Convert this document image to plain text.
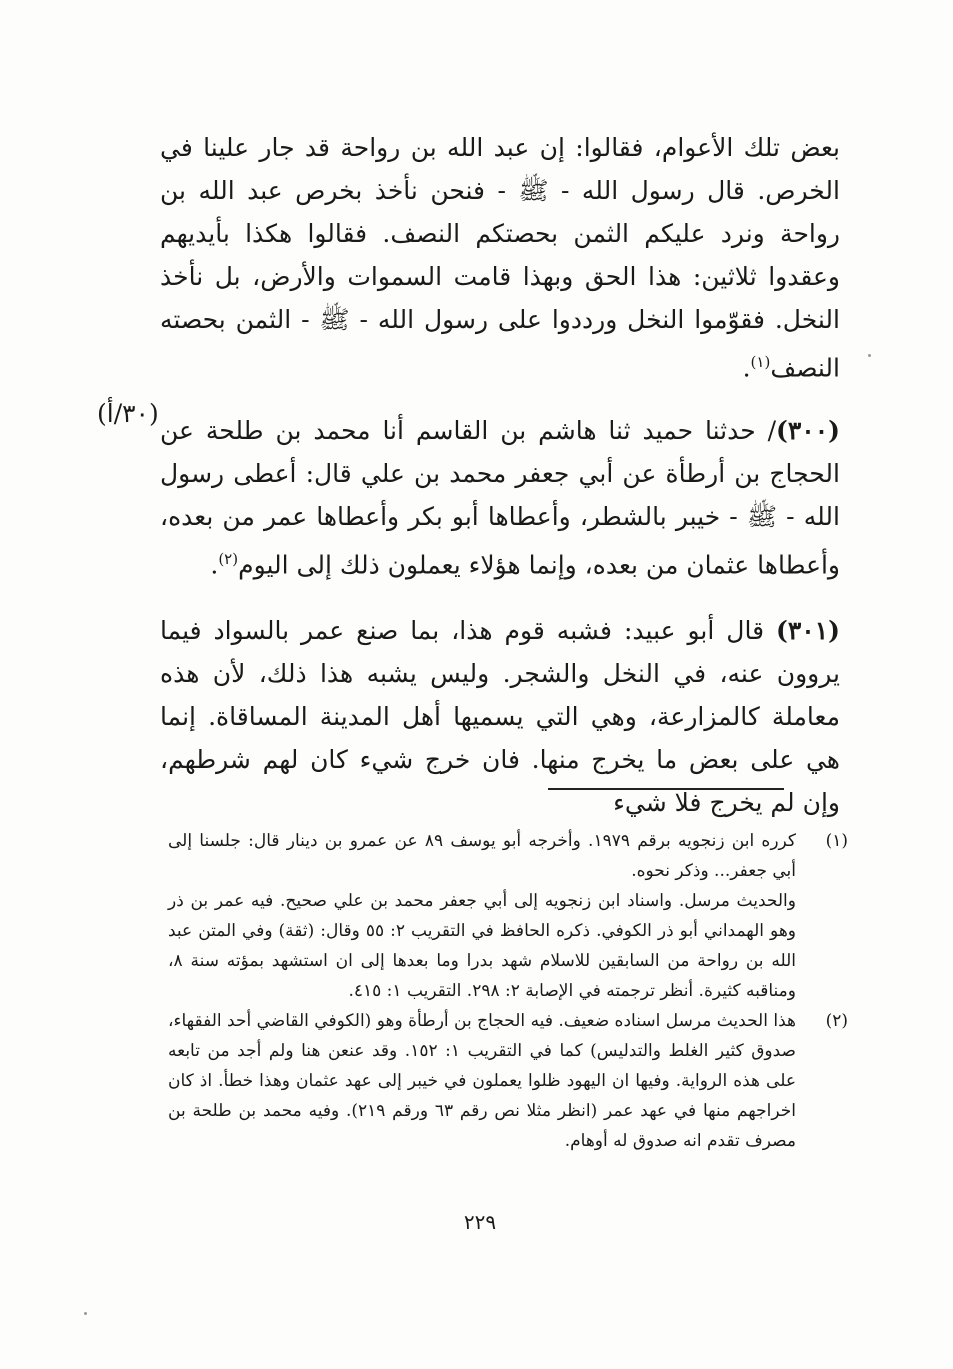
بعض تلك الأعوام، فقالوا: إن عبد الله بن رواحة قد جار علينا في الخرص. قال رسول الله - ﷺ - فنحن نأخذ بخرص عبد الله بن رواحة ونرد عليكم الثمن بحصتكم النصف. فقالوا هكذا بأيديهم وعقدوا ثلاثين: هذا الحق وبهذا قامت السموات والأرض، بل نأخذ النخل. فقوّموا النخل ورددوا على رسول الله - ﷺ - الثمن بحصته النصف$^{(١)}$.

(٣٠٠)/ حدثنا حميد ثنا هاشم بن القاسم أنا محمد بن طلحة عن الحجاج بن أرطأة عن أبي جعفر محمد بن علي قال: أعطى رسول الله - ﷺ - خيبر بالشطر، وأعطاها أبو بكر وأعطاها عمر من بعده، وأعطاها عثمان من بعده، وإنما هؤلاء يعملون ذلك إلى اليوم$^{(٢)}$.

(٣٠١) قال أبو عبيد: فشبه قوم هذا، بما صنع عمر بالسواد فيما يروون عنه، في النخل والشجر. وليس يشبه هذا ذلك، لأن هذه معاملة كالمزارعة، وهي التي يسميها أهل المدينة المساقاة. إنما هي على بعض ما يخرج منها. فان خرج شيء كان لهم شرطهم، وإن لم يخرج فلا شيء

(٣٠/أ)
(١)

كرره ابن زنجويه برقم ١٩٧٩. وأخرجه أبو يوسف ٨٩ عن عمرو بن دينار قال: جلسنا إلى أبي جعفر... وذكر نحوه.

والحديث مرسل. واسناد ابن زنجويه إلى أبي جعفر محمد بن علي صحيح. فيه عمر بن ذر وهو الهمداني أبو ذر الكوفي. ذكره الحافظ في التقريب ٢: ٥٥ وقال: (ثقة) وفي المتن عبد الله بن رواحة من السابقين للاسلام شهد بدرا وما بعدها إلى ان استشهد بمؤته سنة ٨، ومناقبه كثيرة. أنظر ترجمته في الإصابة ٢: ٢٩٨. التقريب ١: ٤١٥.

(٢)

هذا الحديث مرسل اسناده ضعيف. فيه الحجاج بن أرطأة وهو (الكوفي القاضي أحد الفقهاء، صدوق كثير الغلط والتدليس) كما في التقريب ١: ١٥٢. وقد عنعن هنا ولم أجد من تابعه على هذه الرواية. وفيها ان اليهود ظلوا يعملون في خيبر إلى عهد عثمان وهذا خطأ. اذ كان اخراجهم منها في عهد عمر (انظر مثلا نص رقم ٦٣ ورقم ٢١٩). وفيه محمد بن طلحة بن مصرف تقدم انه صدوق له أوهام.

٢٢٩
